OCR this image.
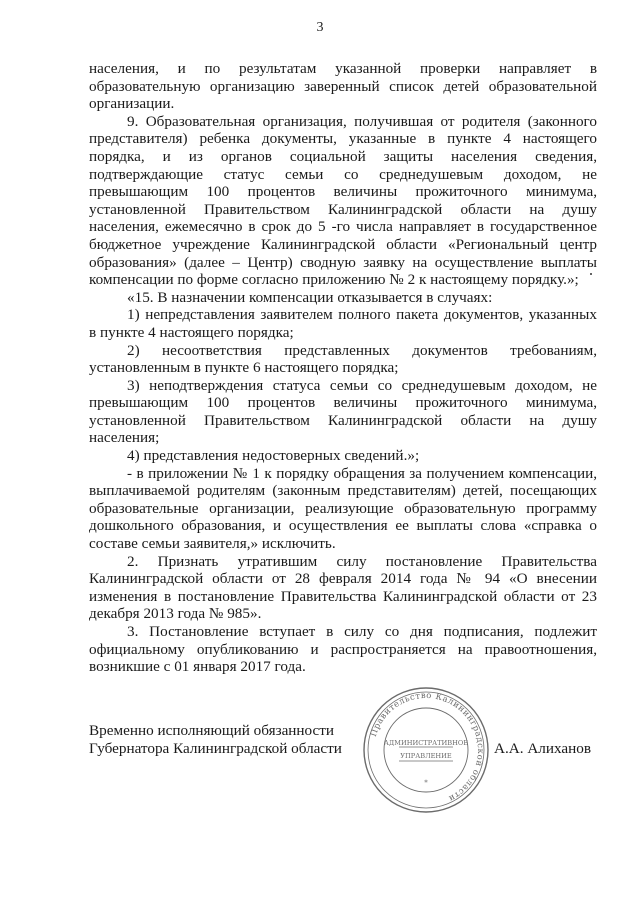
3

населения, и по результатам указанной проверки направляет в образовательную организацию заверенный список детей образовательной организации.

9. Образовательная организация, получившая от родителя (законного представителя) ребенка документы, указанные в пункте 4 настоящего порядка, и из органов социальной защиты населения сведения, подтверждающие статус семьи со среднедушевым доходом, не превышающим 100 процентов величины прожиточного минимума, установленной Правительством Калининградской области на душу населения, ежемесячно в срок до 5 -го числа направляет в государственное бюджетное учреждение Калининградской области «Региональный центр образования» (далее – Центр) сводную заявку на осуществление выплаты компенсации по форме согласно приложению № 2 к настоящему порядку.»;

«15. В назначении компенсации отказывается в случаях:

1) непредставления заявителем полного пакета документов, указанных в пункте 4 настоящего порядка;

2) несоответствия представленных документов требованиям, установленным в пункте 6 настоящего порядка;

3) неподтверждения статуса семьи со среднедушевым доходом, не превышающим 100 процентов величины прожиточного минимума, установленной Правительством Калининградской области на душу населения;

4) представления недостоверных сведений.»;

- в приложении № 1 к порядку обращения за получением компенсации, выплачиваемой родителям (законным представителям) детей, посещающих образовательные организации, реализующие образовательную программу дошкольного образования, и осуществления ее выплаты слова «справка о составе семьи заявителя,» исключить.

2. Признать утратившим силу постановление Правительства Калининградской области от 28 февраля 2014 года № 94 «О внесении изменения в постановление Правительства Калининградской области от 23 декабря 2013 года № 985».

3. Постановление вступает в силу со дня подписания, подлежит официальному опубликованию и распространяется на правоотношения, возникшие с 01 января 2017 года.

Временно исполняющий обязанности
Губернатора Калининградской области
Правительство Калининградской области
АДМИНИСТРАТИВНОЕ
УПРАВЛЕНИЕ
*
А.А. Алиханов
